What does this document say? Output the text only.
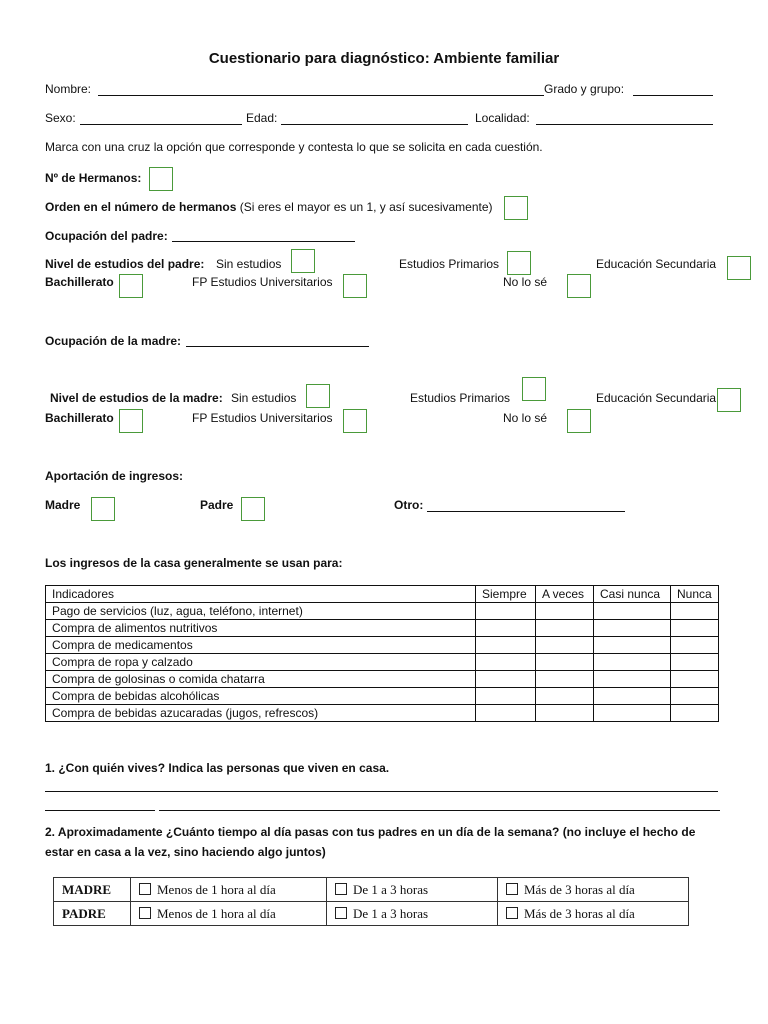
Cuestionario para diagnóstico: Ambiente familiar
Nombre:	Grado y grupo:
Sexo:	Edad:	Localidad:
Marca con una cruz la opción que corresponde y contesta lo que se solicita en cada cuestión.
Nº de Hermanos:
Orden en el número de hermanos (Si eres el mayor es un 1, y así sucesivamente)
Ocupación del padre:
Nivel de estudios del padre: Sin estudios	Estudios Primarios	Educación Secundaria
Bachillerato	FP Estudios Universitarios	No lo sé
Ocupación de la madre:
Nivel de estudios de la madre: Sin estudios	Estudios Primarios	Educación Secundaria
Bachillerato	FP Estudios Universitarios	No lo sé
Aportación de ingresos:
Madre	Padre	Otro:
Los ingresos de la casa generalmente se usan para:
Indicadores	Siempre	A veces	Casi nunca	Nunca
Pago de servicios (luz, agua, teléfono, internet)				
Compra de alimentos nutritivos				
Compra de medicamentos				
Compra de ropa y calzado				
Compra de golosinas o comida chatarra				
Compra de bebidas alcohólicas				
Compra de bebidas azucaradas (jugos, refrescos)				
1. ¿Con quién vives? Indica las personas que viven en casa.
2. Aproximadamente ¿Cuánto tiempo al día pasas con tus padres en un día de la semana? (no incluye el hecho de
estar en casa a la vez, sino haciendo algo juntos)
MADRE	Menos de 1 hora al día	De 1 a 3 horas	Más de 3 horas al día
PADRE	Menos de 1 hora al día	De 1 a 3 horas	Más de 3 horas al día
